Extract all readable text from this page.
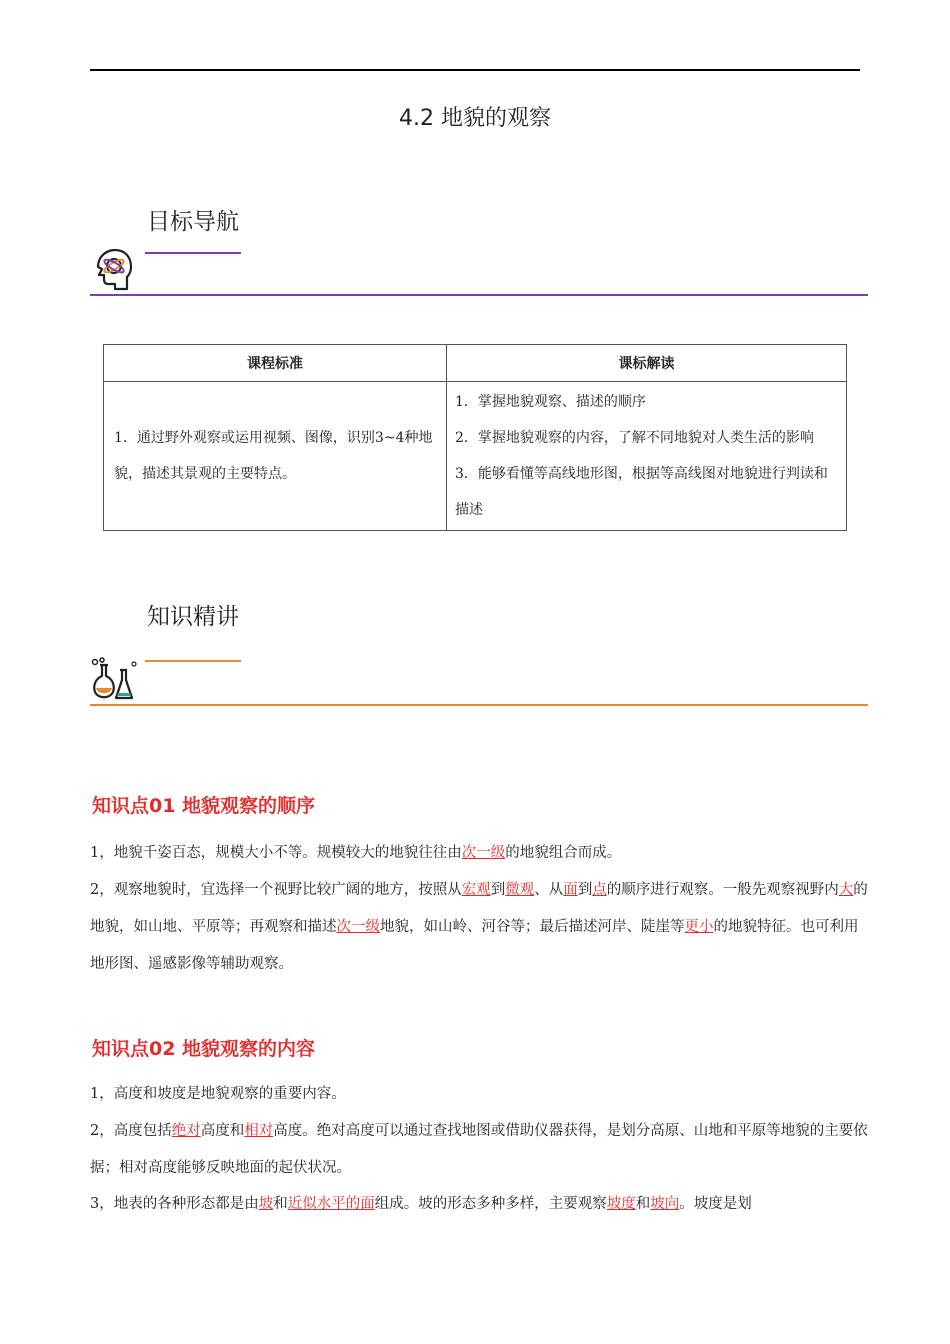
4.2 地貌的观察
目标导航
课程标准	课标解读
1．通过野外观察或运用视频、图像，识别3~4种地貌，描述其景观的主要特点。	1．掌握地貌观察、描述的顺序
2．掌握地貌观察的内容，了解不同地貌对人类生活的影响
3．能够看懂等高线地形图，根据等高线图对地貌进行判读和描述
知识精讲
知识点01 地貌观察的顺序
1，地貌千姿百态，规模大小不等。规模较大的地貌往往由次一级的地貌组合而成。
2，观察地貌时，宜选择一个视野比较广阔的地方，按照从宏观到微观、从面到点的顺序进行观察。一般先观察视野内大的地貌，如山地、平原等；再观察和描述次一级地貌，如山岭、河谷等；最后描述河岸、陡崖等更小的地貌特征。也可利用地形图、遥感影像等辅助观察。
知识点02 地貌观察的内容
1，高度和坡度是地貌观察的重要内容。
2，高度包括绝对高度和相对高度。绝对高度可以通过查找地图或借助仪器获得，是划分高原、山地和平原等地貌的主要依据；相对高度能够反映地面的起伏状况。
3，地表的各种形态都是由坡和近似水平的面组成。坡的形态多种多样，主要观察坡度和坡向。坡度是划
